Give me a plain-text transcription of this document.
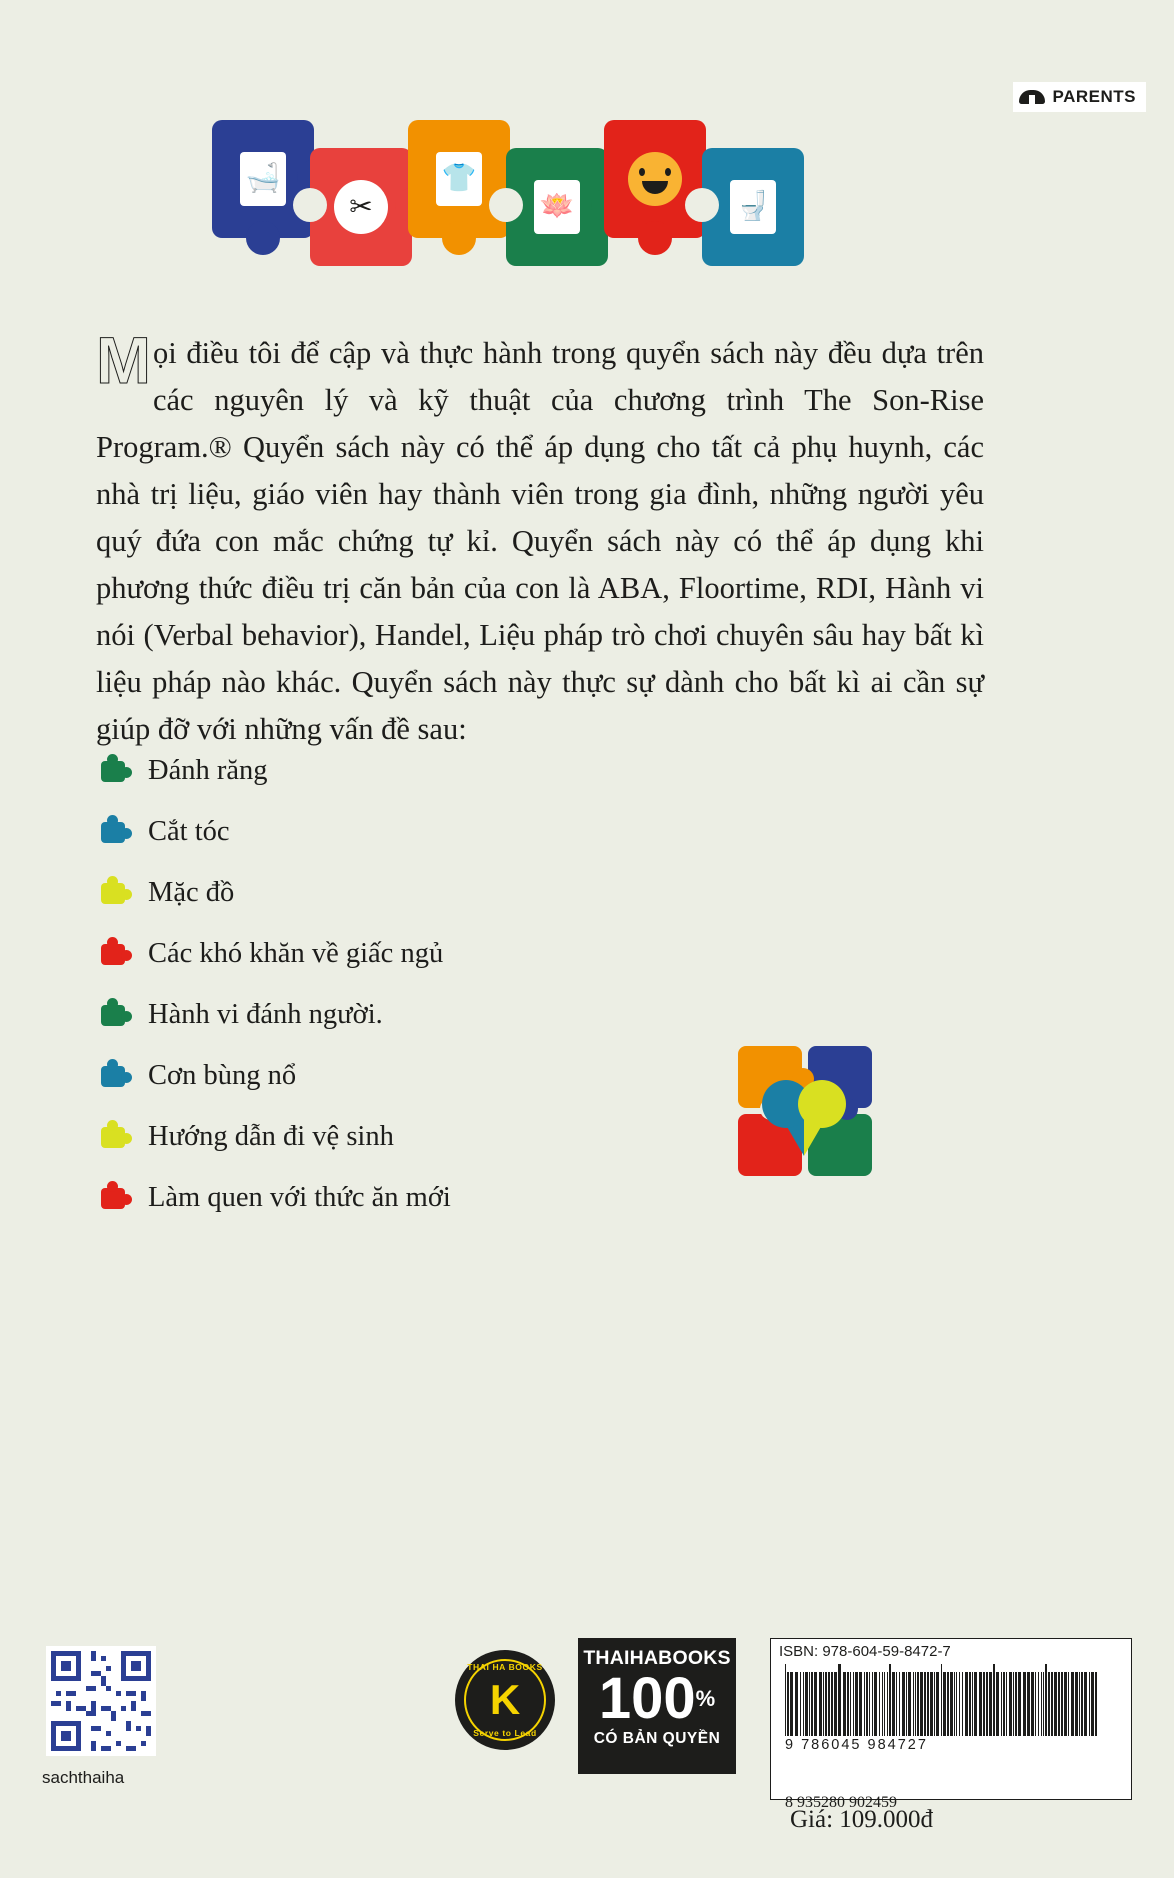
PARENTS
🛁
✂
👕
🪷	🚽
Mọi điều tôi để cập và thực hành trong quyển sách này đều dựa trên các nguyên lý và kỹ thuật của chương trình The Son-Rise Program.® Quyển sách này có thể áp dụng cho tất cả phụ huynh, các nhà trị liệu, giáo viên hay thành viên trong gia đình, những người yêu quý đứa con mắc chứng tự kỉ. Quyển sách này có thể áp dụng khi phương thức điều trị căn bản của con là ABA, Floortime, RDI, Hành vi nói (Verbal behavior), Handel, Liệu pháp trò chơi chuyên sâu hay bất kì liệu pháp nào khác. Quyển sách này thực sự dành cho bất kì ai cần sự giúp đỡ với những vấn đề sau:
Đánh răng
Cắt tóc
Mặc đồ
Các khó khăn về giấc ngủ
Hành vi đánh người.
Cơn bùng nổ
Hướng dẫn đi vệ sinh
Làm quen với thức ăn mới
sachthaiha
THAI HA BOOKS
K
Serve to Lead
THAIHABOOKS
100%
CÓ BẢN QUYỀN
ISBN: 978-604-59-8472-7
9 786045 984727
8 935280 902459
Giá: 109.000đ
